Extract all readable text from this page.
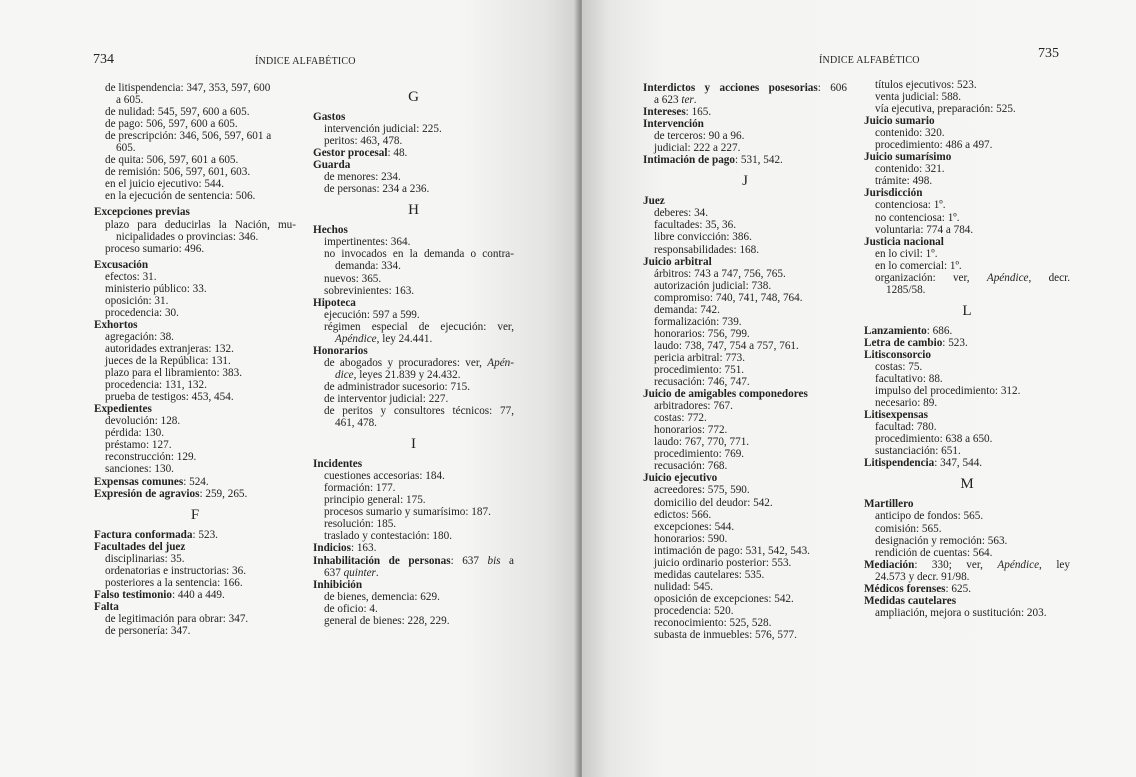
734	ÍNDICE ALFABÉTICO
de litispendencia: 347, 353, 597, 600
a 605.
de nulidad: 545, 597, 600 a 605.
de pago: 506, 597, 600 a 605.
de prescripción: 346, 506, 597, 601 a
605.
de quita: 506, 597, 601 a 605.
de remisión: 506, 597, 601, 603.
en el juicio ejecutivo: 544.
en la ejecución de sentencia: 506.
Excepciones previas
plazo para deducirlas la Nación, mu-
nicipalidades o provincias: 346.
proceso sumario: 496.
Excusación
efectos: 31.
ministerio público: 33.
oposición: 31.
procedencia: 30.
Exhortos
agregación: 38.
autoridades extranjeras: 132.
jueces de la República: 131.
plazo para el libramiento: 383.
procedencia: 131, 132.
prueba de testigos: 453, 454.
Expedientes
devolución: 128.
pérdida: 130.
préstamo: 127.
reconstrucción: 129.
sanciones: 130.
Expensas comunes: 524.
Expresión de agravios: 259, 265.
F
Factura conformada: 523.
Facultades del juez
disciplinarias: 35.
ordenatorias e instructorias: 36.
posteriores a la sentencia: 166.
Falso testimonio: 440 a 449.
Falta
de legitimación para obrar: 347.
de personería: 347.
G
Gastos
intervención judicial: 225.
peritos: 463, 478.
Gestor procesal: 48.
Guarda
de menores: 234.
de personas: 234 a 236.
H
Hechos
impertinentes: 364.
no invocados en la demanda o contra-
demanda: 334.
nuevos: 365.
sobrevinientes: 163.
Hipoteca
ejecución: 597 a 599.
régimen especial de ejecución: ver,
Apéndice, ley 24.441.
Honorarios
de abogados y procuradores: ver, Apén-
dice, leyes 21.839 y 24.432.
de administrador sucesorio: 715.
de interventor judicial: 227.
de peritos y consultores técnicos: 77,
461, 478.
I
Incidentes
cuestiones accesorias: 184.
formación: 177.
principio general: 175.
procesos sumario y sumarísimo: 187.
resolución: 185.
traslado y contestación: 180.
Indicios: 163.
Inhabilitación de personas: 637 bis a
637 quinter.
Inhibición
de bienes, demencia: 629.
de oficio: 4.
general de bienes: 228, 229.
ÍNDICE ALFABÉTICO	735
Interdictos y acciones posesorias: 606
a 623 ter.
Intereses: 165.
Intervención
de terceros: 90 a 96.
judicial: 222 a 227.
Intimación de pago: 531, 542.
J
Juez
deberes: 34.
facultades: 35, 36.
libre convicción: 386.
responsabilidades: 168.
Juicio arbitral
árbitros: 743 a 747, 756, 765.
autorización judicial: 738.
compromiso: 740, 741, 748, 764.
demanda: 742.
formalización: 739.
honorarios: 756, 799.
laudo: 738, 747, 754 a 757, 761.
pericia arbitral: 773.
procedimiento: 751.
recusación: 746, 747.
Juicio de amigables componedores
arbitradores: 767.
costas: 772.
honorarios: 772.
laudo: 767, 770, 771.
procedimiento: 769.
recusación: 768.
Juicio ejecutivo
acreedores: 575, 590.
domicilio del deudor: 542.
edictos: 566.
excepciones: 544.
honorarios: 590.
intimación de pago: 531, 542, 543.
juicio ordinario posterior: 553.
medidas cautelares: 535.
nulidad: 545.
oposición de excepciones: 542.
procedencia: 520.
reconocimiento: 525, 528.
subasta de inmuebles: 576, 577.
títulos ejecutivos: 523.
venta judicial: 588.
vía ejecutiva, preparación: 525.
Juicio sumario
contenido: 320.
procedimiento: 486 a 497.
Juicio sumarísimo
contenido: 321.
trámite: 498.
Jurisdicción
contenciosa: 1º.
no contenciosa: 1º.
voluntaria: 774 a 784.
Justicia nacional
en lo civil: 1º.
en lo comercial: 1º.
organización: ver, Apéndice, decr.
1285/58.
L
Lanzamiento: 686.
Letra de cambio: 523.
Litisconsorcio
costas: 75.
facultativo: 88.
impulso del procedimiento: 312.
necesario: 89.
Litisexpensas
facultad: 780.
procedimiento: 638 a 650.
sustanciación: 651.
Litispendencia: 347, 544.
M
Martillero
anticipo de fondos: 565.
comisión: 565.
designación y remoción: 563.
rendición de cuentas: 564.
Mediación: 330; ver, Apéndice, ley
24.573 y decr. 91/98.
Médicos forenses: 625.
Medidas cautelares
ampliación, mejora o sustitución: 203.
